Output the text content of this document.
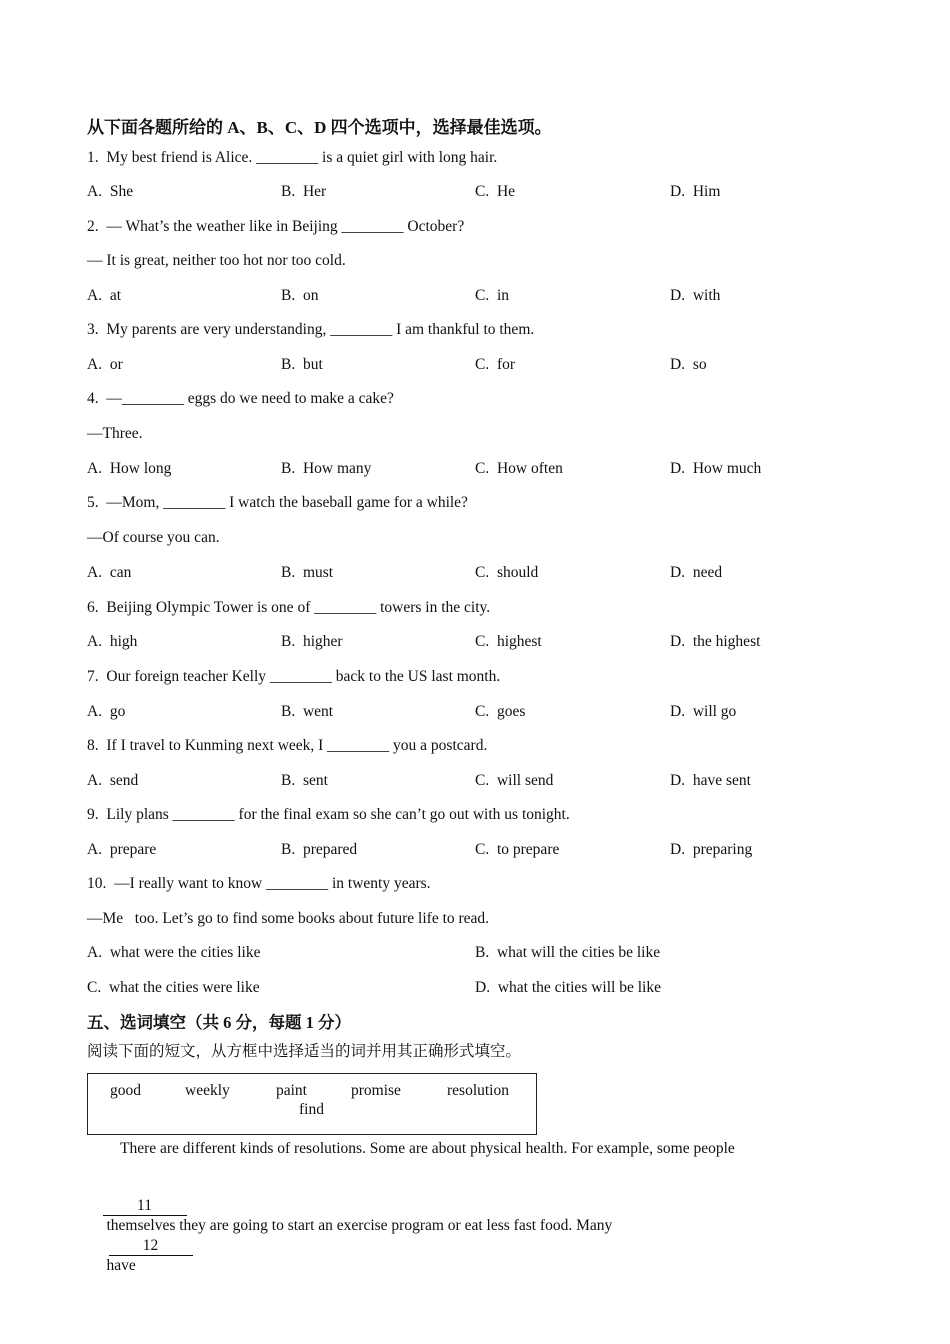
从下面各题所给的 A、B、C、D 四个选项中，选择最佳选项。
1.  My best friend is Alice. ________ is a quiet girl with long hair.
A.  She	B.  Her	C.  He	D.  Him
2.  — What’s the weather like in Beijing ________ October?
— It is great, neither too hot nor too cold.
A.  at	B.  on	C.  in	D.  with
3.  My parents are very understanding, ________ I am thankful to them.
A.  or	B.  but	C.  for	D.  so
4.  —________ eggs do we need to make a cake?
—Three.
A.  How long	B.  How many	C.  How often	D.  How much
5.  —Mom, ________ I watch the baseball game for a while?
—Of course you can.
A.  can	B.  must	C.  should	D.  need
6.  Beijing Olympic Tower is one of ________ towers in the city.
A.  high	B.  higher	C.  highest	D.  the highest
7.  Our foreign teacher Kelly ________ back to the US last month.
A.  go	B.  went	C.  goes	D.  will go
8.  If I travel to Kunming next week, I ________ you a postcard.
A.  send	B.  sent	C.  will send	D.  have sent
9.  Lily plans ________ for the final exam so she can’t go out with us tonight.
A.  prepare	B.  prepared	C.  to prepare	D.  preparing
10.  —I really want to know ________ in twenty years.
—Me   too. Let’s go to find some books about future life to read.
A.  what were the cities like	B.  what will the cities be like
C.  what the cities were like	D.  what the cities will be like
五、选词填空（共 6 分，每题 1 分）
阅读下面的短文，从方框中选择适当的词并用其正确形式填空。
good	weekly	paint	promise	resolution
find
There are different kinds of resolutions. Some are about physical health. For example, some people

11
themselves they are going to start an exercise program or eat less fast food. Many
12
have
